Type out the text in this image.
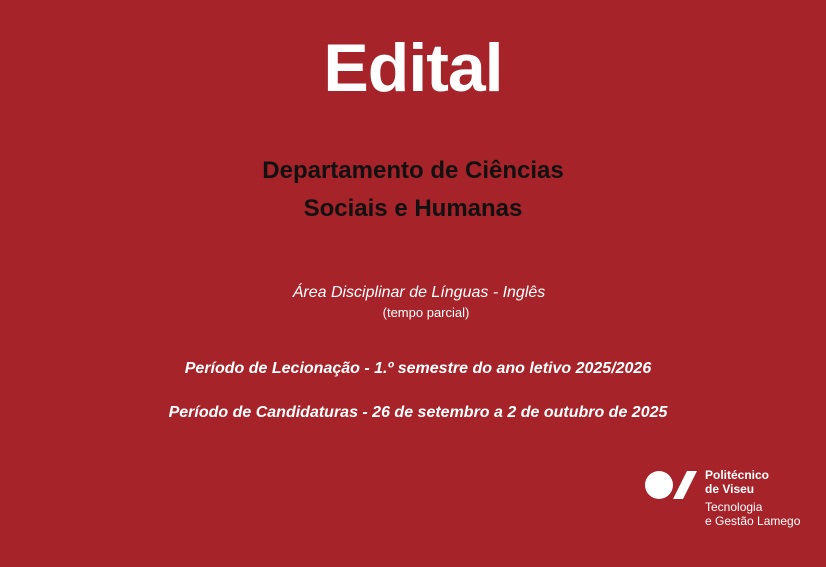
Edital
Departamento de Ciências
Sociais e Humanas
Área Disciplinar de Línguas - Inglês
(tempo parcial)
Período de Lecionação - 1.º semestre do ano letivo 2025/2026
Período de Candidaturas - 26 de setembro a 2 de outubro de 2025
Politécnico
de Viseu
Tecnologia
e Gestão Lamego
